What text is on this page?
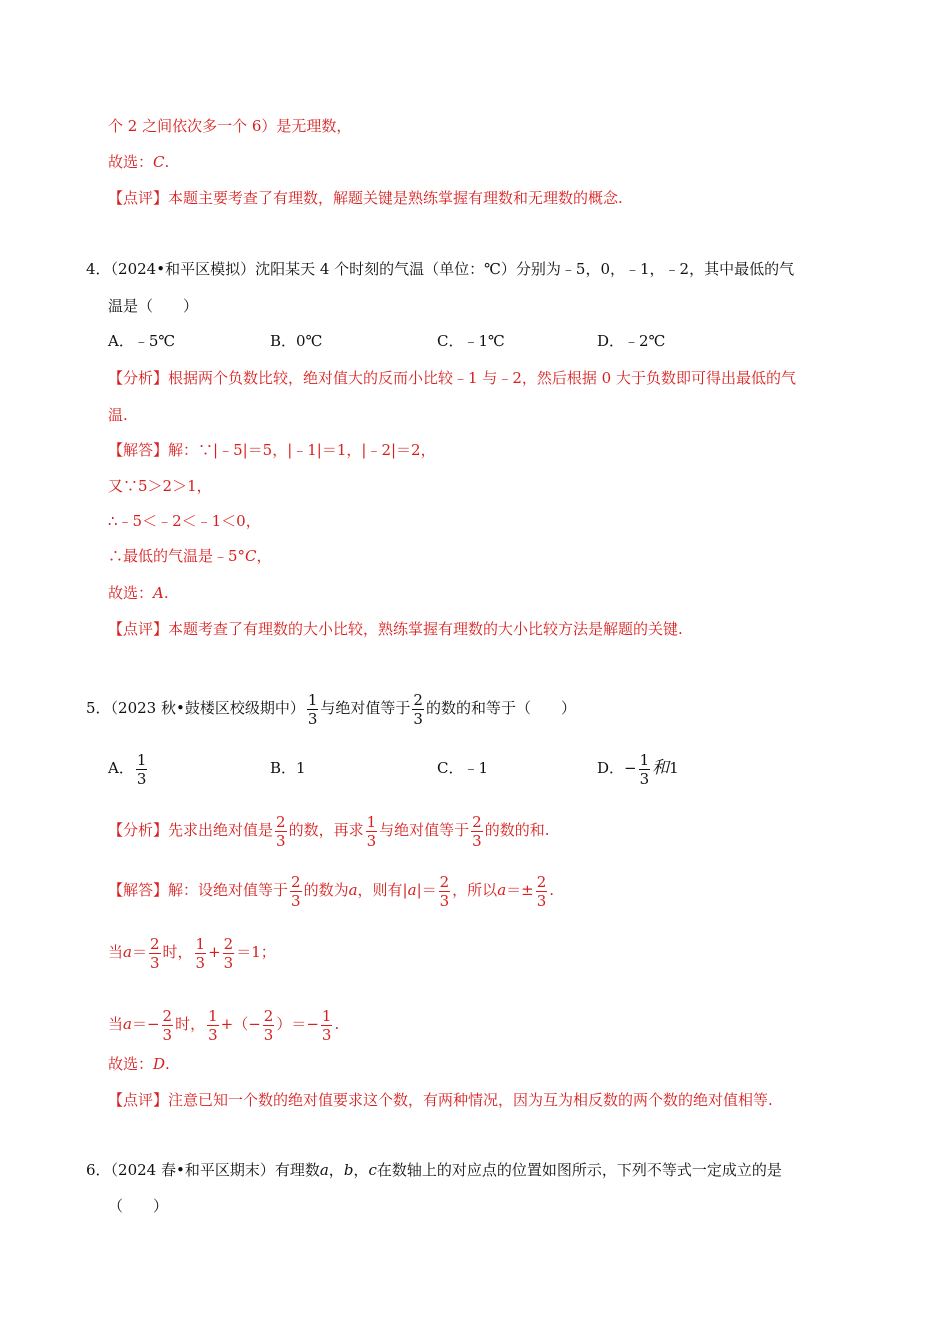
个 2 之间依次多一个 6）是无理数，
故选：C.
【点评】本题主要考查了有理数，解题关键是熟练掌握有理数和无理数的概念.
4．（2024•和平区模拟）沈阳某天 4 个时刻的气温（单位：℃）分别为﹣5，0，﹣1，﹣2，其中最低的气
温是（　　）
A．﹣5℃	B．0℃	C．﹣1℃	D．﹣2℃
【分析】根据两个负数比较，绝对值大的反而小比较﹣1 与﹣2，然后根据 0 大于负数即可得出最低的气
温.
【解答】解：∵|﹣5|＝5，|﹣1|＝1，|﹣2|＝2，
又∵5＞2＞1，
∴﹣5＜﹣2＜﹣1＜0，
∴最低的气温是﹣5°C，
故选：A.
【点评】本题考查了有理数的大小比较，熟练掌握有理数的大小比较方法是解题的关键.
5．（2023 秋•鼓楼区校级期中） $\frac{1}{3}$ 与绝对值等于 $\frac{2}{3}$ 的数的和等于（　　）
A． $\frac{1}{3}$	B．1	C．﹣1	D．− $\frac{1}{3}$ 和1
【分析】先求出绝对值是 $\frac{2}{3}$ 的数，再求 $\frac{1}{3}$ 与绝对值等于 $\frac{2}{3}$ 的数的和.
【解答】解：设绝对值等于 $\frac{2}{3}$ 的数为a，则有$|a|= \frac{2}{3}$ ，所以$a=\pm \frac{2}{3}$ .
当$a= \frac{2}{3}$ 时， $\frac{1}{3} + \frac{2}{3} =1$；
当$a=- \frac{2}{3}$ 时， $\frac{1}{3}$ +（− $\frac{2}{3}$ ）＝− $\frac{1}{3}$ .
故选：D.
【点评】注意已知一个数的绝对值要求这个数，有两种情况，因为互为相反数的两个数的绝对值相等.
6．（2024 春•和平区期末）有理数a，b，c在数轴上的对应点的位置如图所示，下列不等式一定成立的是
（　　）
